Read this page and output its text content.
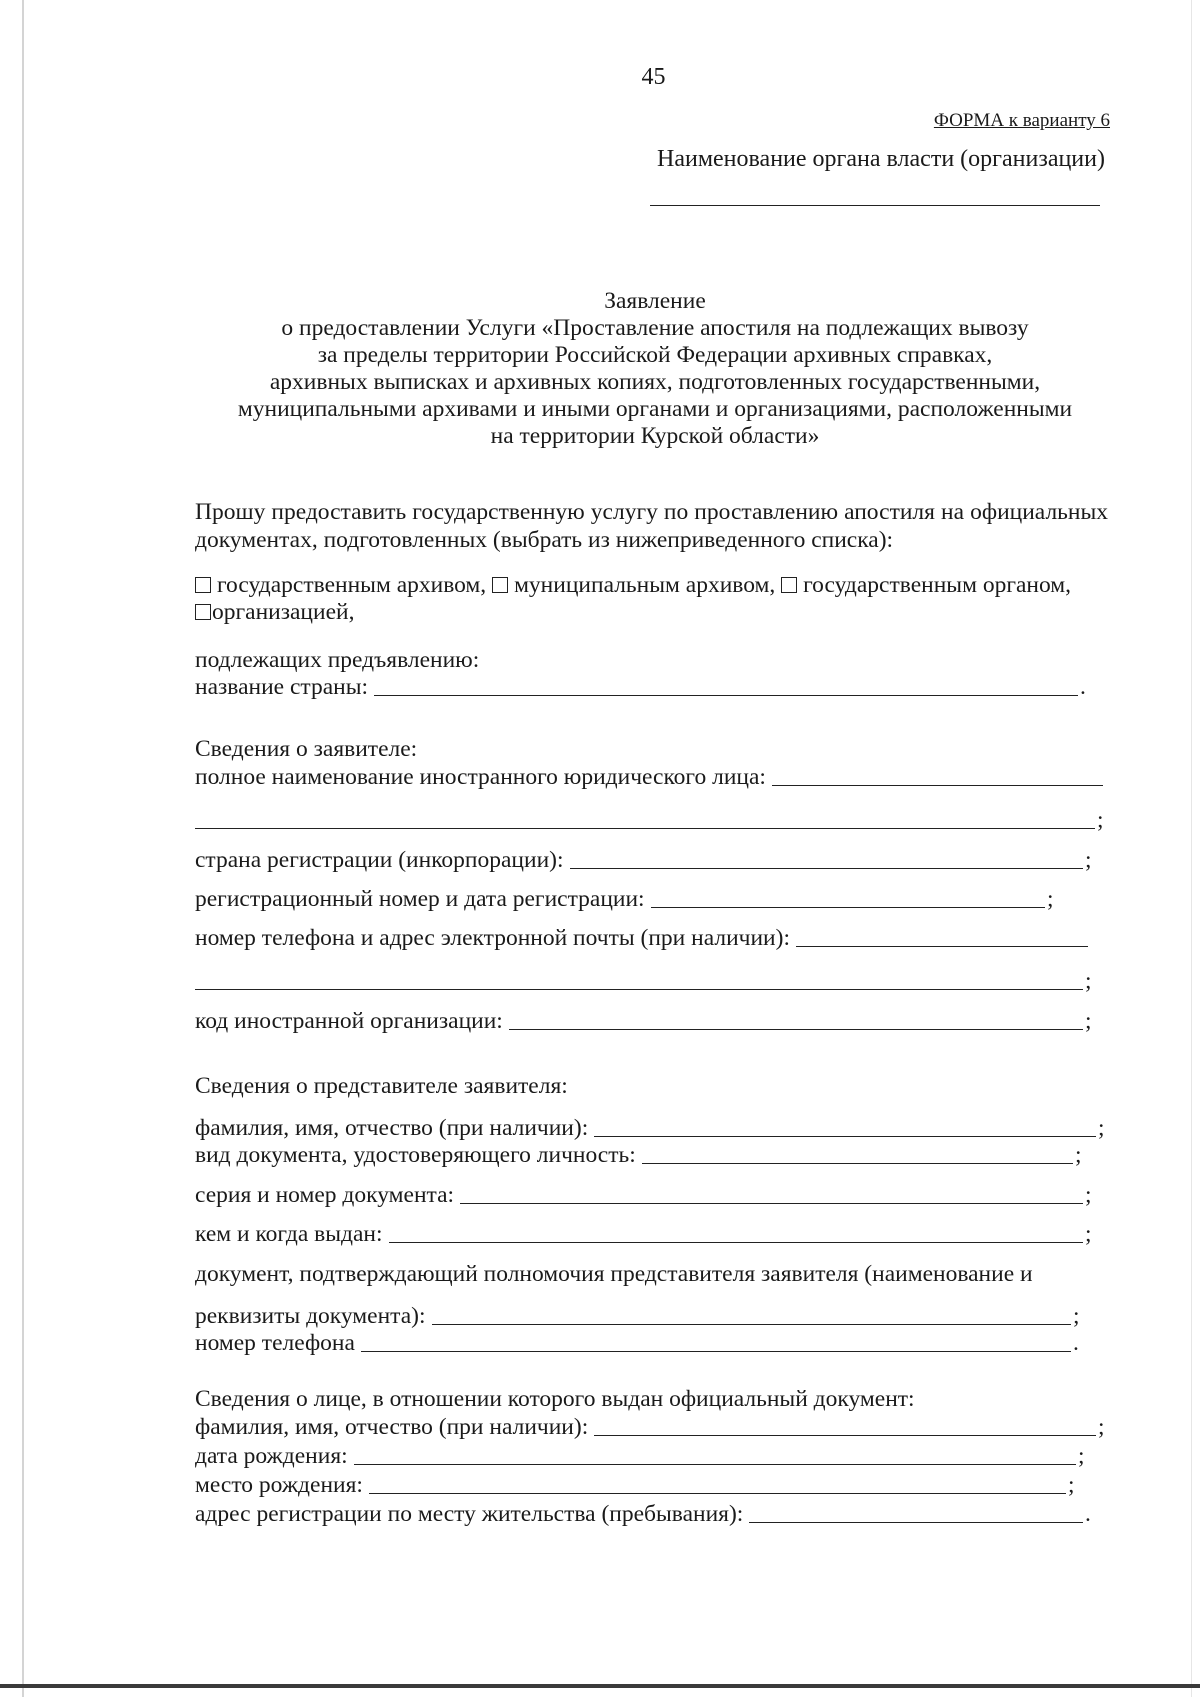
45
ФОРМА к варианту 6
Наименование органа власти (организации)
Заявление
о предоставлении Услуги «Проставление апостиля на подлежащих вывозу
за пределы территории Российской Федерации архивных справках,
архивных выписках и архивных копиях, подготовленных государственными,
муниципальными архивами и иными органами и организациями, расположенными
на территории Курской области»
Прошу предоставить государственную услугу по проставлению апостиля на официальных документах, подготовленных (выбрать из нижеприведенного списка):
государственным архивом, муниципальным архивом, государственным органом,
организацией,
подлежащих предъявлению:
название страны:	.
Сведения о заявителе:
полное наименование иностранного юридического лица:
;
страна регистрации (инкорпорации):	;
регистрационный номер и дата регистрации:	;
номер телефона и адрес электронной почты (при наличии):
;
код иностранной организации:	;
Сведения о представителе заявителя:
фамилия, имя, отчество (при наличии):	;
вид документа, удостоверяющего личность:	;
серия и номер документа:	;
кем и когда выдан:	;
документ, подтверждающий полномочия представителя заявителя (наименование и
реквизиты документа):	;
номер телефона	.
Сведения о лице, в отношении которого выдан официальный документ:
фамилия, имя, отчество (при наличии):	;
дата рождения:	;
место рождения:	;
адрес регистрации по месту жительства (пребывания):	.
